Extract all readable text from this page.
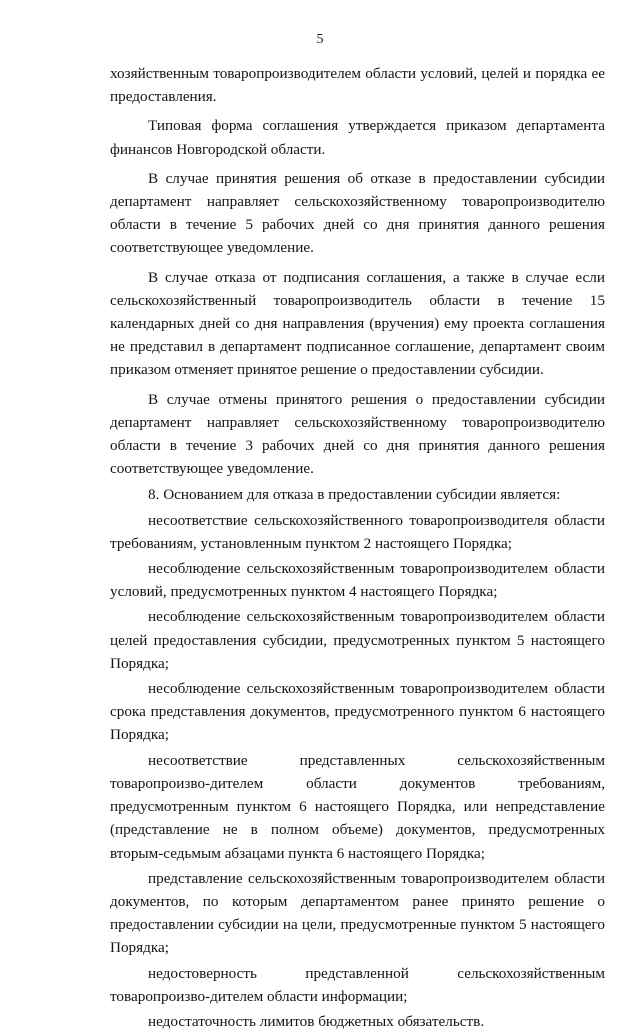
5

хозяйственным товаропроизводителем области условий, целей и порядка ее предоставления.

Типовая форма соглашения утверждается приказом департамента финансов Новгородской области.

В случае принятия решения об отказе в предоставлении субсидии департамент направляет сельскохозяйственному товаропроизводителю области в течение 5 рабочих дней со дня принятия данного решения соответствующее уведомление.

В случае отказа от подписания соглашения, а также в случае если сельскохозяйственный товаропроизводитель области в течение 15 календарных дней со дня направления (вручения) ему проекта соглашения не представил в департамент подписанное соглашение, департамент своим приказом отменяет принятое решение о предоставлении субсидии.

В случае отмены принятого решения о предоставлении субсидии департамент направляет сельскохозяйственному товаропроизводителю области в течение 3 рабочих дней со дня принятия данного решения соответствующее уведомление.

8. Основанием для отказа в предоставлении субсидии является:

несоответствие сельскохозяйственного товаропроизводителя области требованиям, установленным пунктом 2 настоящего Порядка;

несоблюдение сельскохозяйственным товаропроизводителем области условий, предусмотренных пунктом 4 настоящего Порядка;

несоблюдение сельскохозяйственным товаропроизводителем области целей предоставления субсидии, предусмотренных пунктом 5 настоящего Порядка;

несоблюдение сельскохозяйственным товаропроизводителем области срока представления документов, предусмотренного пунктом 6 настоящего Порядка;

несоответствие представленных сельскохозяйственным товаропроизво-дителем области документов требованиям, предусмотренным пунктом 6 настоящего Порядка, или непредставление (представление не в полном объеме) документов, предусмотренных вторым-седьмым абзацами пункта 6 настоящего Порядка;

представление сельскохозяйственным товаропроизводителем области документов, по которым департаментом ранее принято решение о предоставлении субсидии на цели, предусмотренные пунктом 5 настоящего Порядка;

недостоверность представленной сельскохозяйственным товаропроизво-дителем области информации;

недостаточность лимитов бюджетных обязательств.
